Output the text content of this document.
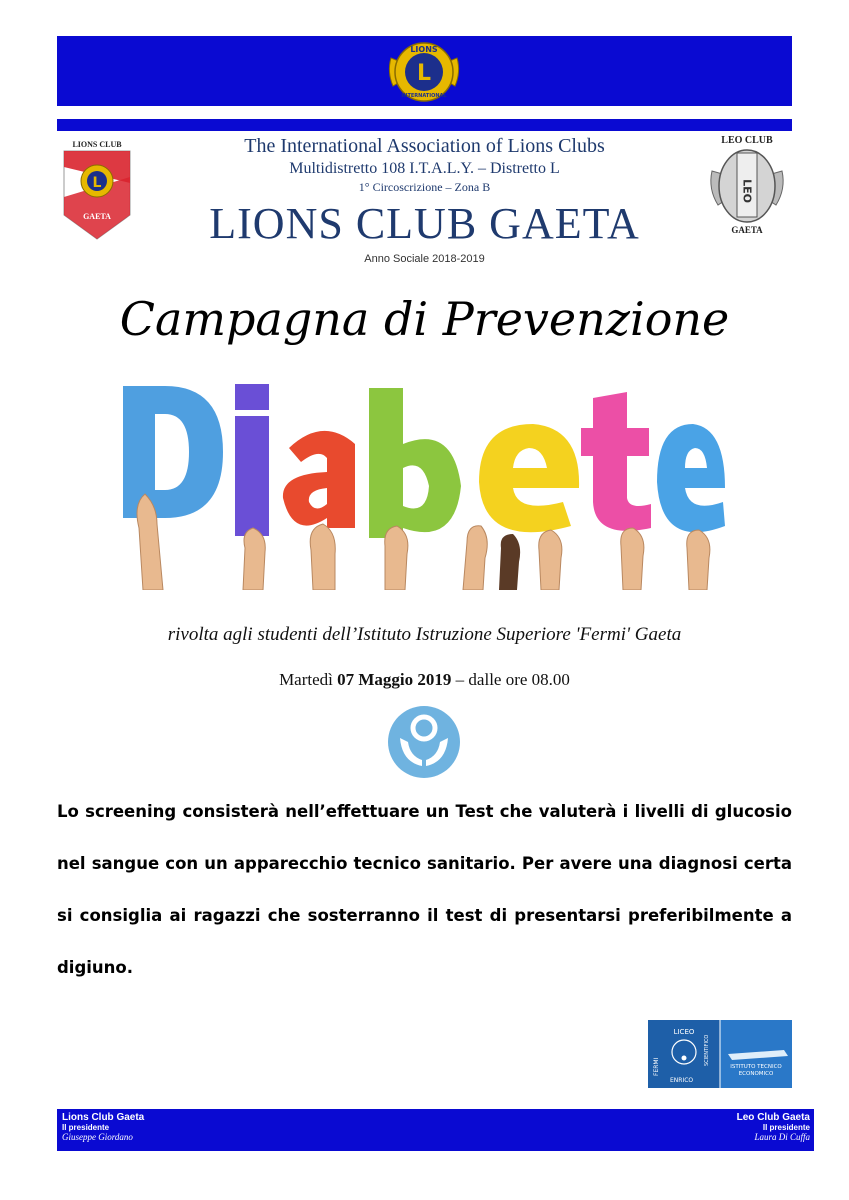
LIONS
INTERNATIONAL
L
LIONS CLUB
L
GAETA
LEO CLUB
LEO
GAETA
The International Association of Lions Clubs
Multidistretto 108 I.T.A.L.Y. – Distretto L
1° Circoscrizione – Zona B
LIONS CLUB GAETA
Anno Sociale 2018-2019
Campagna di Prevenzione
rivolta agli studenti dell’Istituto Istruzione Superiore 'Fermi' Gaeta
Martedì 07 Maggio 2019 – dalle ore 08.00
Lo screening consisterà nell’effettuare un Test che valuterà i livelli di glucosio nel sangue con un apparecchio tecnico sanitario. Per avere una diagnosi certa si consiglia ai ragazzi che sosterranno il test di presentarsi preferibilmente a digiuno.
LICEO
SCIENTIFICO
FERMI
ENRICO
ISTITUTO TECNICO
ECONOMICO
Lions Club Gaeta
Il presidente
Giuseppe Giordano
Leo Club Gaeta
Il presidente
Laura Di Cuffa
